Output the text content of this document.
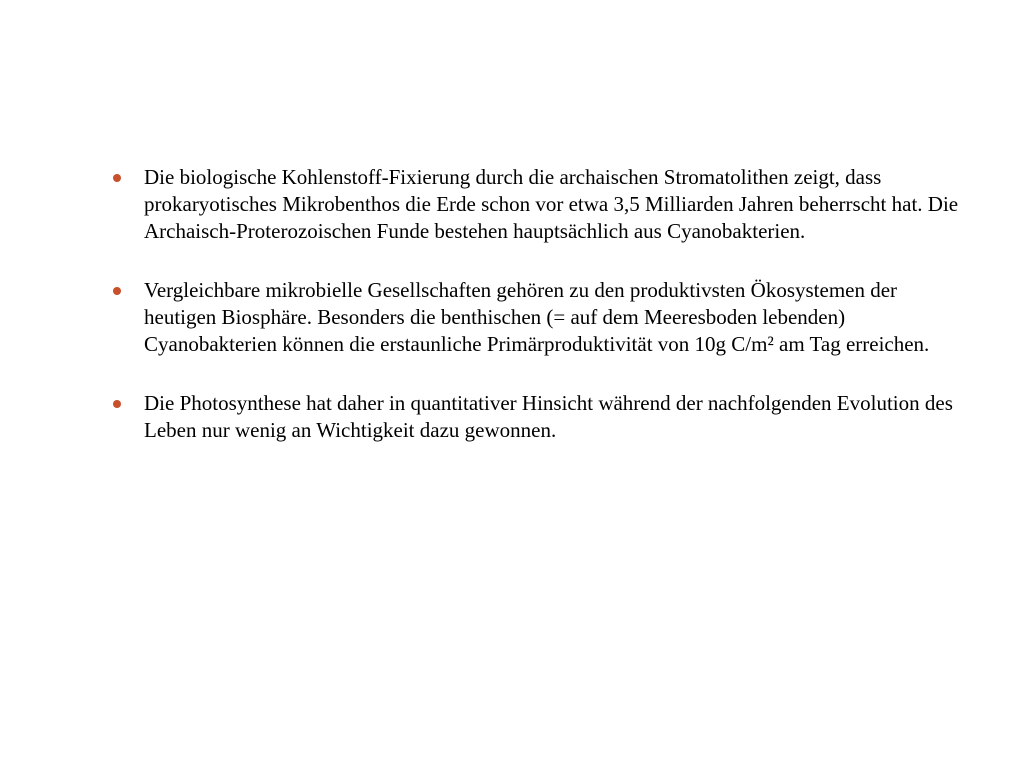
Die biologische Kohlenstoff-Fixierung durch die archaischen Stromatolithen zeigt, dass prokaryotisches Mikrobenthos die Erde schon vor etwa 3,5 Milliarden Jahren beherrscht hat. Die Archaisch-Proterozoischen Funde bestehen hauptsächlich aus Cyanobakterien.
Vergleichbare mikrobielle Gesellschaften gehören zu den produktivsten Ökosystemen der heutigen Biosphäre. Besonders die benthischen (= auf dem Meeresboden lebenden) Cyanobakterien können die erstaunliche Primärproduktivität von 10g C/m² am Tag erreichen.
Die Photosynthese hat daher in quantitativer Hinsicht während der nachfolgenden Evolution des Leben nur wenig an Wichtigkeit dazu gewonnen.
